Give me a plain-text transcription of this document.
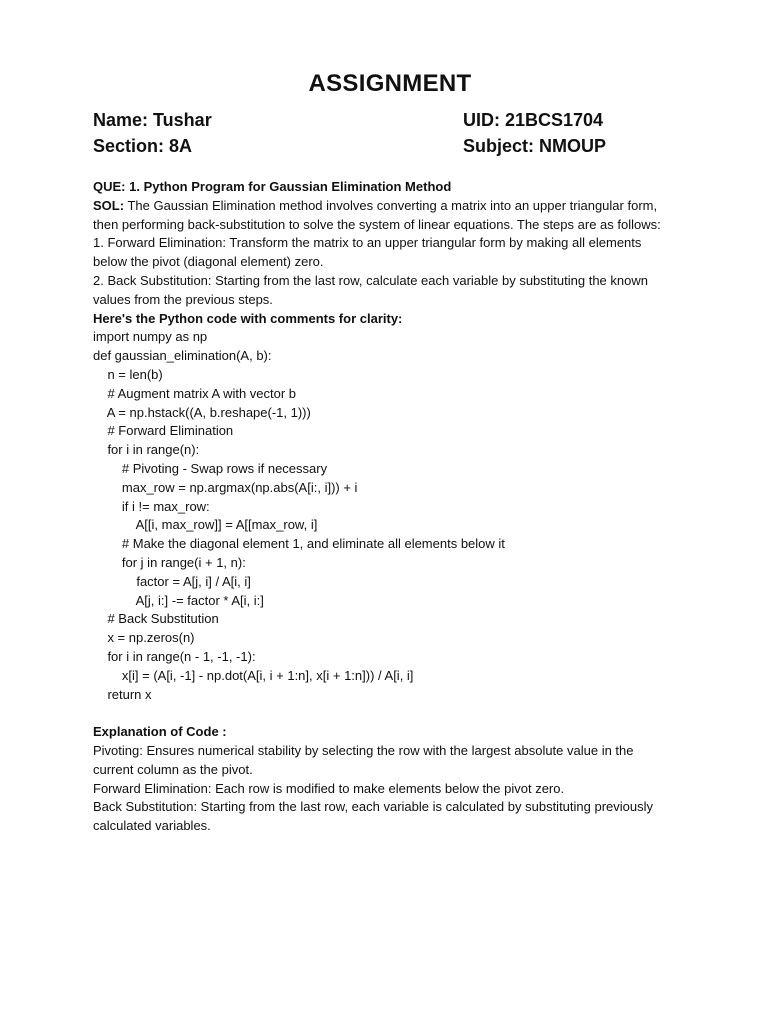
ASSIGNMENT
Name: Tushar	UID: 21BCS1704
Section: 8A	Subject: NMOUP

QUE: 1. Python Program for Gaussian Elimination Method

SOL: The Gaussian Elimination method involves converting a matrix into an upper triangular form, then performing back-substitution to solve the system of linear equations. The steps are as follows:

1. Forward Elimination: Transform the matrix to an upper triangular form by making all elements below the pivot (diagonal element) zero.

2. Back Substitution: Starting from the last row, calculate each variable by substituting the known values from the previous steps.

Here's the Python code with comments for clarity:

import numpy as np
def gaussian_elimination(A, b):
n = len(b)
# Augment matrix A with vector b
A = np.hstack((A, b.reshape(-1, 1)))
# Forward Elimination
for i in range(n):
# Pivoting - Swap rows if necessary
max_row = np.argmax(np.abs(A[i:, i])) + i
if i != max_row:
A[[i, max_row]] = A[[max_row, i]
# Make the diagonal element 1, and eliminate all elements below it
for j in range(i + 1, n):
factor = A[j, i] / A[i, i]
A[j, i:] -= factor * A[i, i:]
# Back Substitution
x = np.zeros(n)
for i in range(n - 1, -1, -1):
x[i] = (A[i, -1] - np.dot(A[i, i + 1:n], x[i + 1:n])) / A[i, i]
return x

Explanation of Code :

Pivoting: Ensures numerical stability by selecting the row with the largest absolute value in the current column as the pivot.

Forward Elimination: Each row is modified to make elements below the pivot zero.

Back Substitution: Starting from the last row, each variable is calculated by substituting previously calculated variables.
